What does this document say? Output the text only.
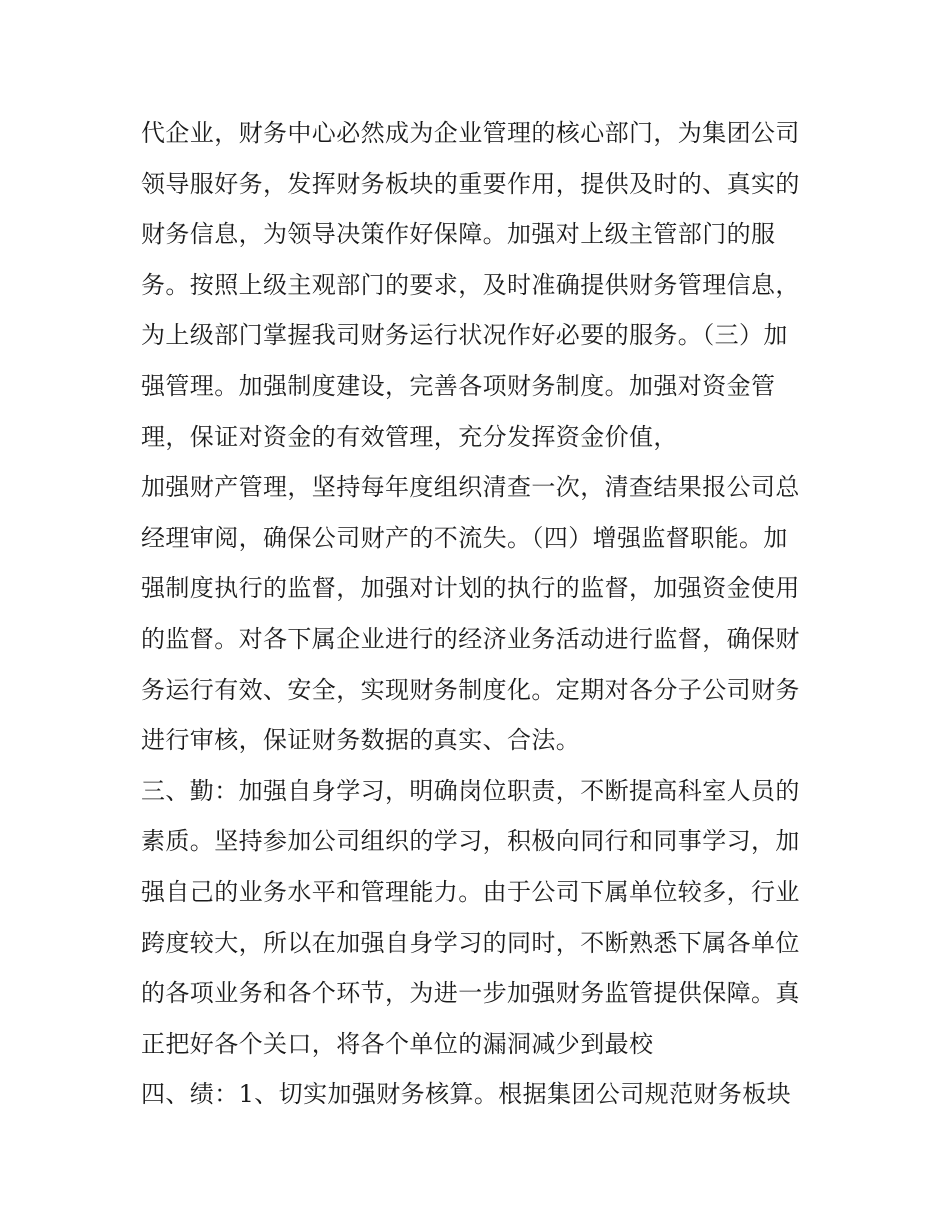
代企业，财务中心必然成为企业管理的核心部门，为集团公司
领导服好务，发挥财务板块的重要作用，提供及时的、真实的
财务信息，为领导决策作好保障。加强对上级主管部门的服
务。按照上级主观部门的要求，及时准确提供财务管理信息，
为上级部门掌握我司财务运行状况作好必要的服务。（三）加
强管理。加强制度建设，完善各项财务制度。加强对资金管
理，保证对资金的有效管理，充分发挥资金价值，
加强财产管理，坚持每年度组织清查一次，清查结果报公司总
经理审阅，确保公司财产的不流失。（四）增强监督职能。加
强制度执行的监督，加强对计划的执行的监督，加强资金使用
的监督。对各下属企业进行的经济业务活动进行监督，确保财
务运行有效、安全，实现财务制度化。定期对各分子公司财务
进行审核，保证财务数据的真实、合法。
三、勤：加强自身学习，明确岗位职责，不断提高科室人员的
素质。坚持参加公司组织的学习，积极向同行和同事学习，加
强自己的业务水平和管理能力。由于公司下属单位较多，行业
跨度较大，所以在加强自身学习的同时，不断熟悉下属各单位
的各项业务和各个环节，为进一步加强财务监管提供保障。真
正把好各个关口，将各个单位的漏洞减少到最校
四、绩：1、切实加强财务核算。根据集团公司规范财务板块
